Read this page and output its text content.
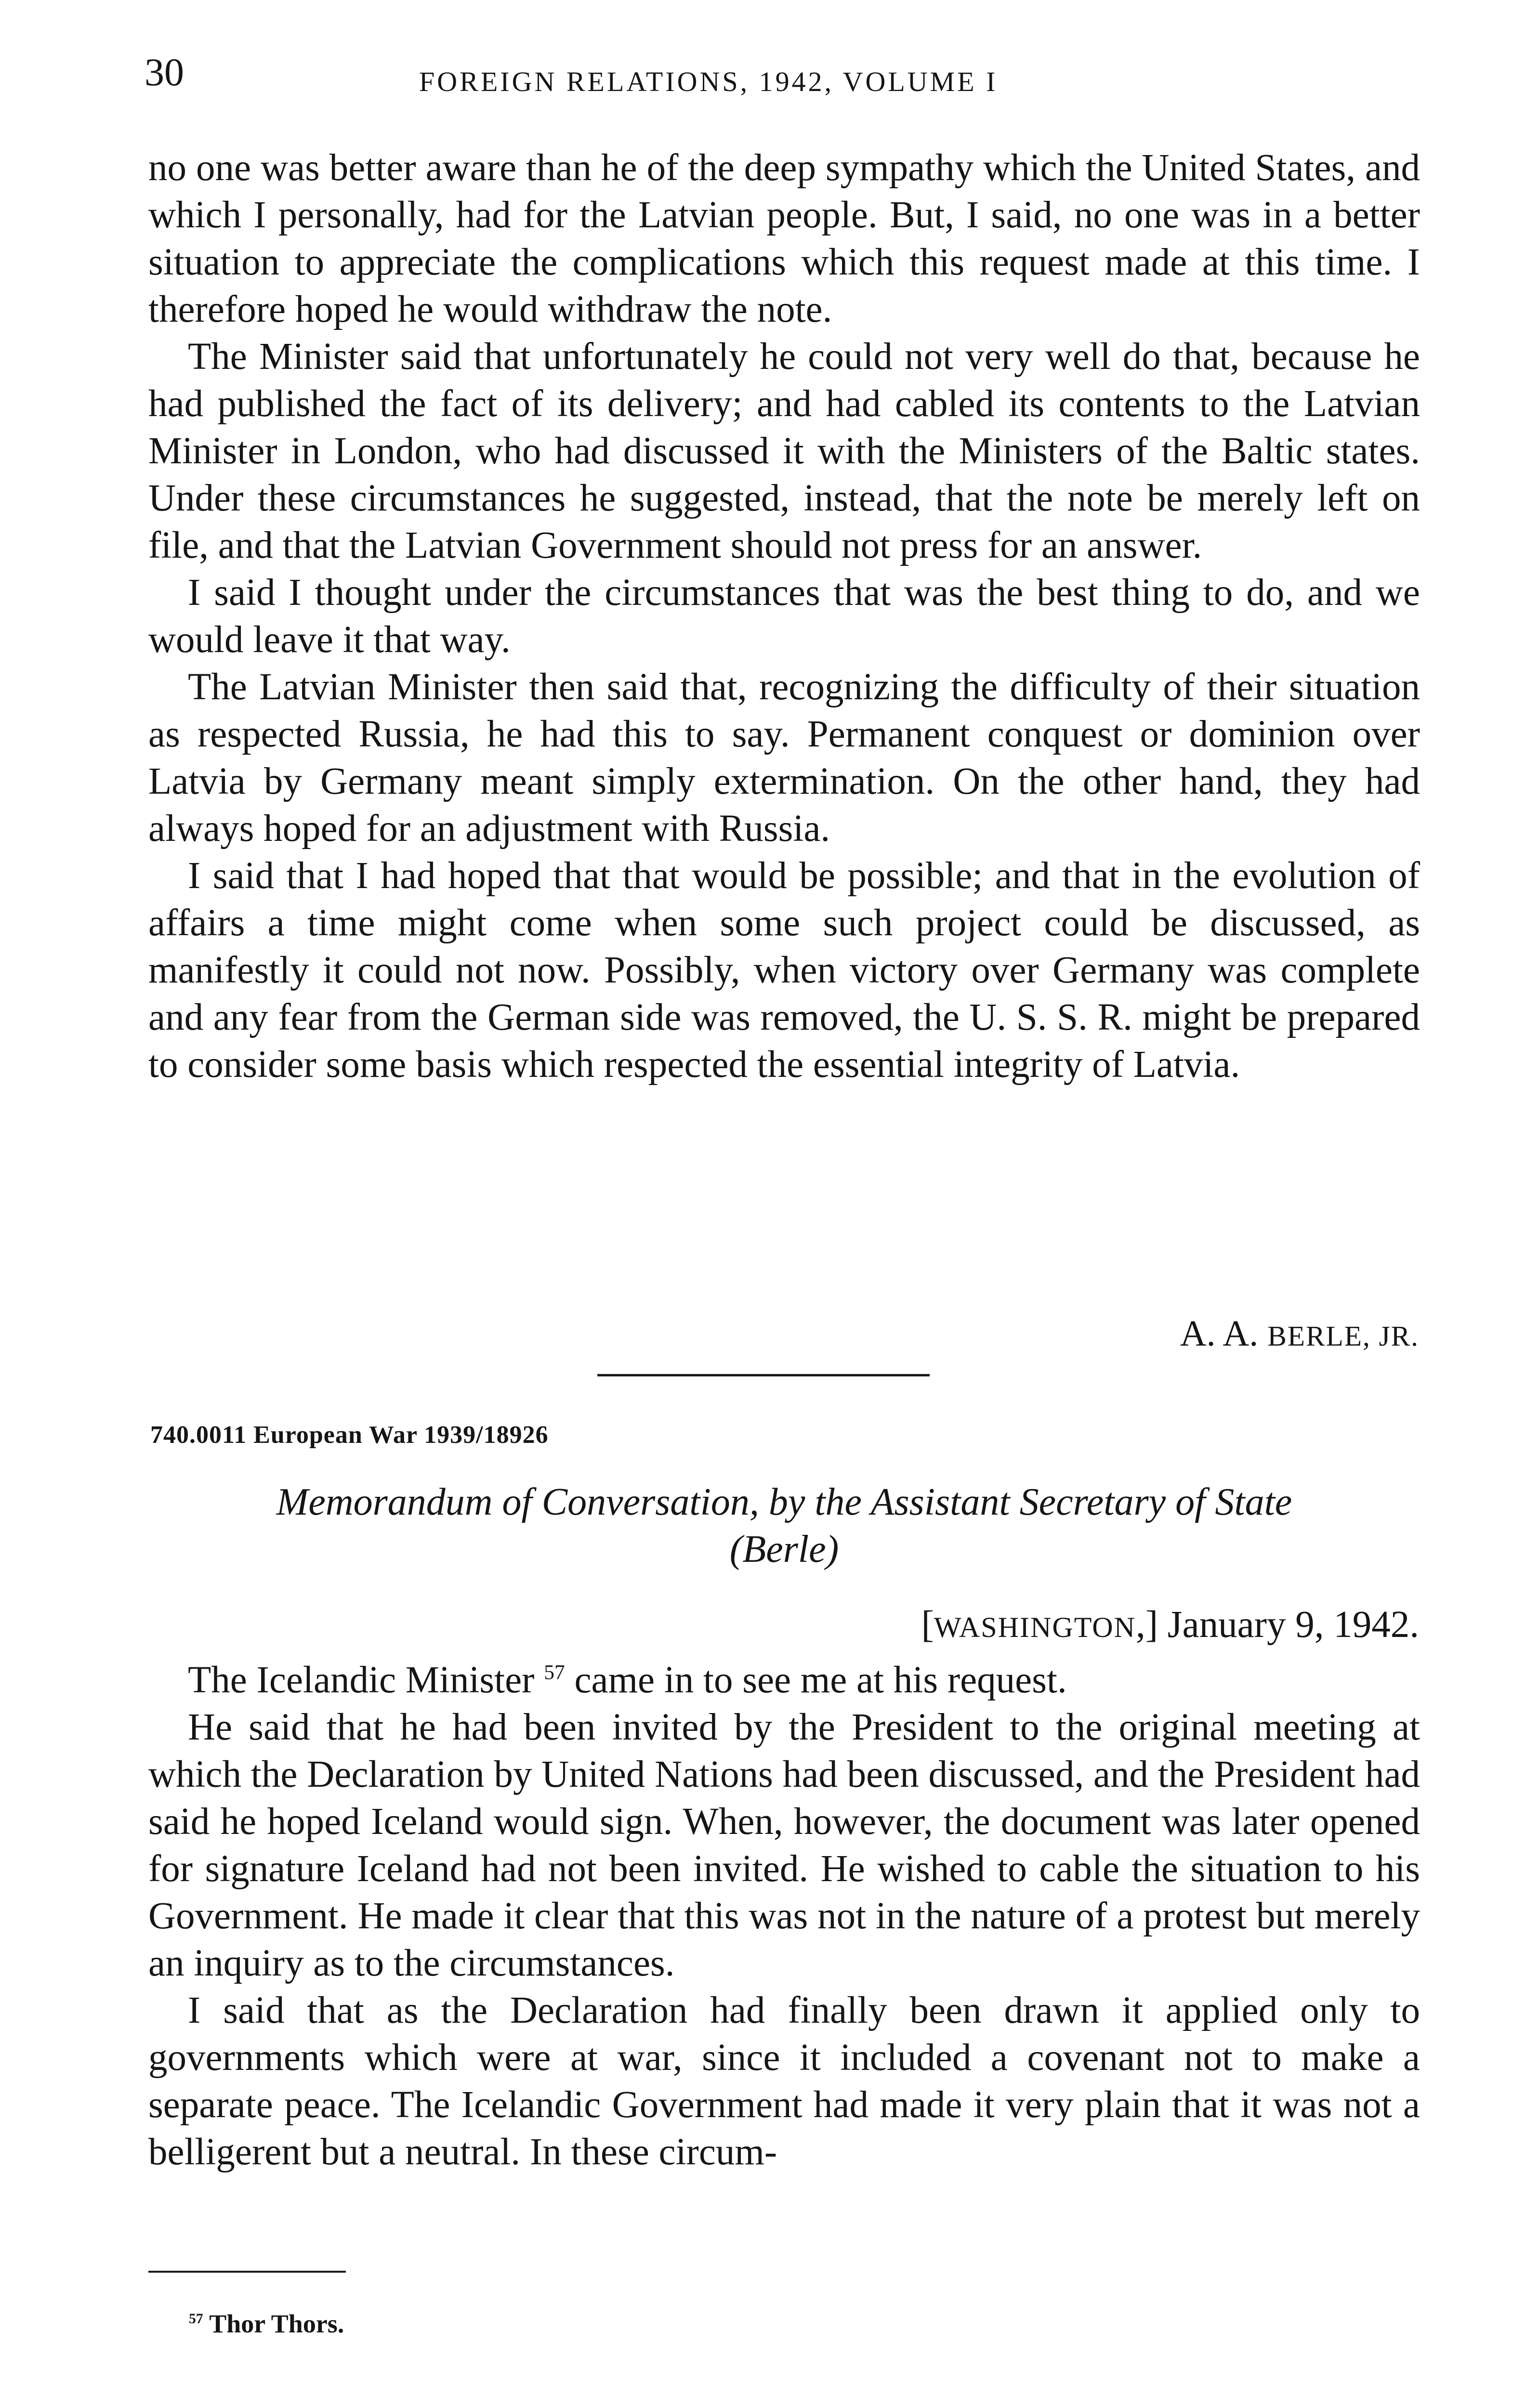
30	FOREIGN RELATIONS, 1942, VOLUME I

no one was better aware than he of the deep sympathy which the United States, and which I personally, had for the Latvian people. But, I said, no one was in a better situation to appreciate the complications which this request made at this time. I therefore hoped he would withdraw the note.

The Minister said that unfortunately he could not very well do that, because he had published the fact of its delivery; and had cabled its contents to the Latvian Minister in London, who had discussed it with the Ministers of the Baltic states. Under these circumstances he suggested, instead, that the note be merely left on file, and that the Latvian Government should not press for an answer.

I said I thought under the circumstances that was the best thing to do, and we would leave it that way.

The Latvian Minister then said that, recognizing the difficulty of their situation as respected Russia, he had this to say. Permanent conquest or dominion over Latvia by Germany meant simply extermination. On the other hand, they had always hoped for an adjustment with Russia.

I said that I had hoped that that would be possible; and that in the evolution of affairs a time might come when some such project could be discussed, as manifestly it could not now. Possibly, when victory over Germany was complete and any fear from the German side was removed, the U. S. S. R. might be prepared to consider some basis which respected the essential integrity of Latvia.

A. A. BERLE, JR.
740.0011 European War 1939/18926
Memorandum of Conversation, by the Assistant Secretary of State
(Berle)
[WASHINGTON,] January 9, 1942.

The Icelandic Minister $^{57}$ came in to see me at his request.

He said that he had been invited by the President to the original meeting at which the Declaration by United Nations had been discussed, and the President had said he hoped Iceland would sign. When, however, the document was later opened for signature Iceland had not been invited. He wished to cable the situation to his Government. He made it clear that this was not in the nature of a protest but merely an inquiry as to the circumstances.

I said that as the Declaration had finally been drawn it applied only to governments which were at war, since it included a covenant not to make a separate peace. The Icelandic Government had made it very plain that it was not a belligerent but a neutral. In these circum-

$^{57}$ Thor Thors.
